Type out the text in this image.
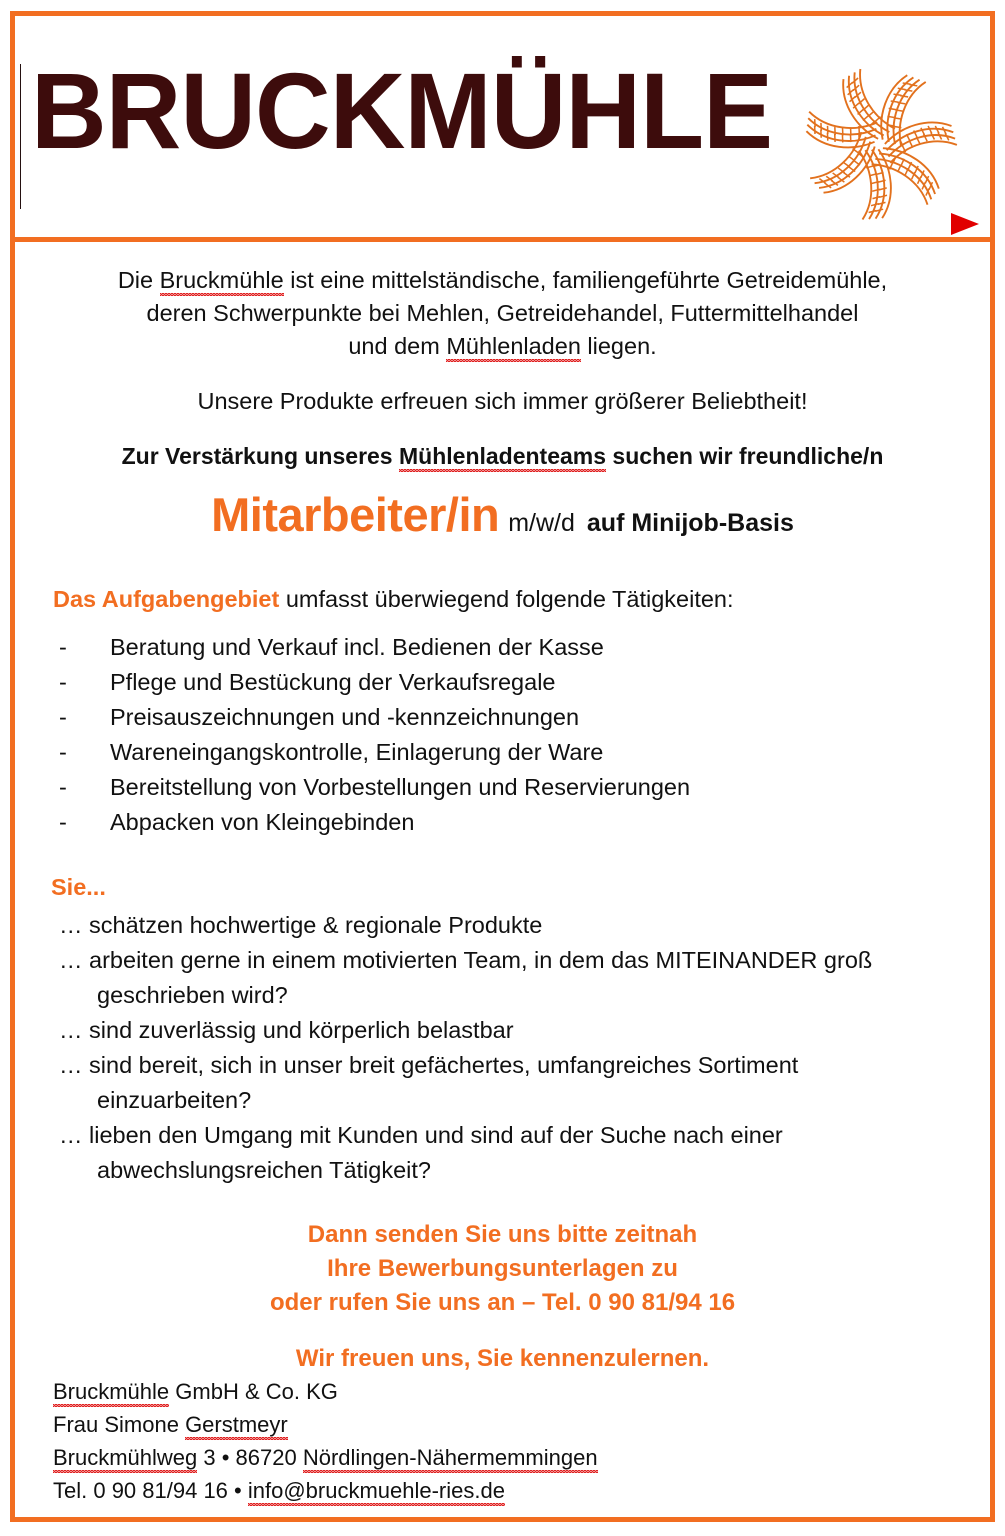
BRUCKMÜHLE

Die Bruckmühle ist eine mittelständische, familiengeführte Getreidemühle,
deren Schwerpunkte bei Mehlen, Getreidehandel, Futtermittelhandel
und dem Mühlenladen liegen.

Unsere Produkte erfreuen sich immer größerer Beliebtheit!

Zur Verstärkung unseres Mühlenladenteams suchen wir freundliche/n
Mitarbeiter/in m/w/d auf Minijob-Basis
Das Aufgabengebiet umfasst überwiegend folgende Tätigkeiten:
- Beratung und Verkauf incl. Bedienen der Kasse
- Pflege und Bestückung der Verkaufsregale
- Preisauszeichnungen und -kennzeichnungen
- Wareneingangskontrolle, Einlagerung der Ware
- Bereitstellung von Vorbestellungen und Reservierungen
- Abpacken von Kleingebinden
Sie...
… schätzen hochwertige & regionale Produkte
… arbeiten gerne in einem motivierten Team, in dem das MITEINANDER groß geschrieben wird?
… sind zuverlässig und körperlich belastbar
… sind bereit, sich in unser breit gefächertes, umfangreiches Sortiment einzuarbeiten?
… lieben den Umgang mit Kunden und sind auf der Suche nach einer abwechslungsreichen Tätigkeit?
Dann senden Sie uns bitte zeitnah
Ihre Bewerbungsunterlagen zu
oder rufen Sie uns an – Tel. 0 90 81/94 16
Wir freuen uns, Sie kennenzulernen.
Bruckmühle GmbH & Co. KG
Frau Simone Gerstmeyr
Bruckmühlweg 3 • 86720 Nördlingen-Nähermemmingen
Tel. 0 90 81/94 16 • info@bruckmuehle-ries.de
